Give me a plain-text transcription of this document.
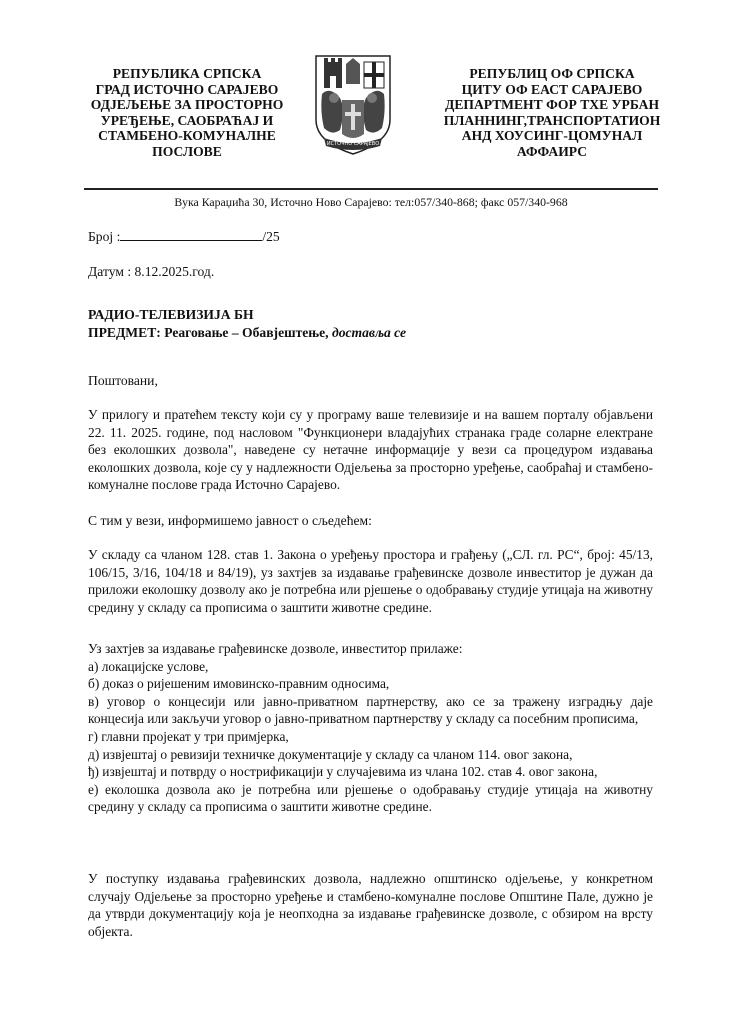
РЕПУБЛИКА СРПСКА
ГРАД ИСТОЧНО САРАЈЕВО
ОДЈЕЉЕЊЕ ЗА ПРОСТОРНО
УРЕЂЕЊЕ, САОБРАЋАЈ И
СТАМБЕНО-КОМУНАЛНЕ
ПОСЛОВЕ	ИСТОЧНО САРАЈЕВО
РЕПУБЛИЦ ОФ СРПСКА
ЦИТУ ОФ ЕАСТ САРАЈЕВО
ДЕПАРТМЕНТ ФОР ТХЕ УРБАН
ПЛАННИНГ,ТРАНСПОРТАТИОН
АНД ХОУСИНГ-ЦОМУНАЛ
АФФАИРС
Вука Караџића 30, Источно Ново Сарајево: тел:057/340-868; факс 057/340-968
Број :	/25
Датум : 8.12.2025.год.
РАДИО-ТЕЛЕВИЗИЈА БН
ПРЕДМЕТ: Реаговање – Обавјештење, достављa се
Поштовани,
У прилогу и пратећем тексту који су у програму ваше телевизије и на вашем порталу објављени 22. 11. 2025. године, под насловом "Функционери владајућих странака граде соларне електране без еколошких дозвола", наведене су нетачне информације у вези са процедуром издавања еколошких дозвола, које су у надлежности Одјељења за просторно уређење, саобраћај и стамбено-комуналне послове града Источно Сарајево.
С тим у вези, информишемо јавност о сљедећем:
У складу са чланом 128. став 1. Закона о уређењу простора и грађењу („СЛ. гл. РС“, број: 45/13, 106/15, 3/16, 104/18 и 84/19), уз захтјев за издавање грађевинске дозволе инвеститор је дужан да приложи еколошку дозволу ако је потребна или рјешење о одобравању студије утицаја на животну средину у складу са прописима о заштити животне средине.
Уз захтјев за издавање грађевинске дозволе, инвеститор прилаже:
а) локацијске услове,
б) доказ о ријешеним имовинско-правним односима,
в) уговор о концесији или јавно-приватном партнерству, ако се за тражену изградњу даје концесија или закључи уговор о јавно-приватном партнерству у складу са посебним прописима,
г) главни пројекат у три примјерка,
д) извјештај о ревизији техничке документације у складу са чланом 114. овог закона,
ђ) извјештај и потврду о нострификацији у случајевима из члана 102. став 4. овог закона,
е) еколошка дозвола ако је потребна или рјешење о одобравању студије утицаја на животну средину у складу са прописима о заштити животне средине.
У поступку издавања грађевинских дозвола, надлежно општинско одјељење, у конкретном случају Одјељење за просторно уређење и стамбено-комуналне послове Општине Пале, дужно је да утврди документацију која је неопходна за издавање грађевинске дозволе, с обзиром на врсту објекта.
